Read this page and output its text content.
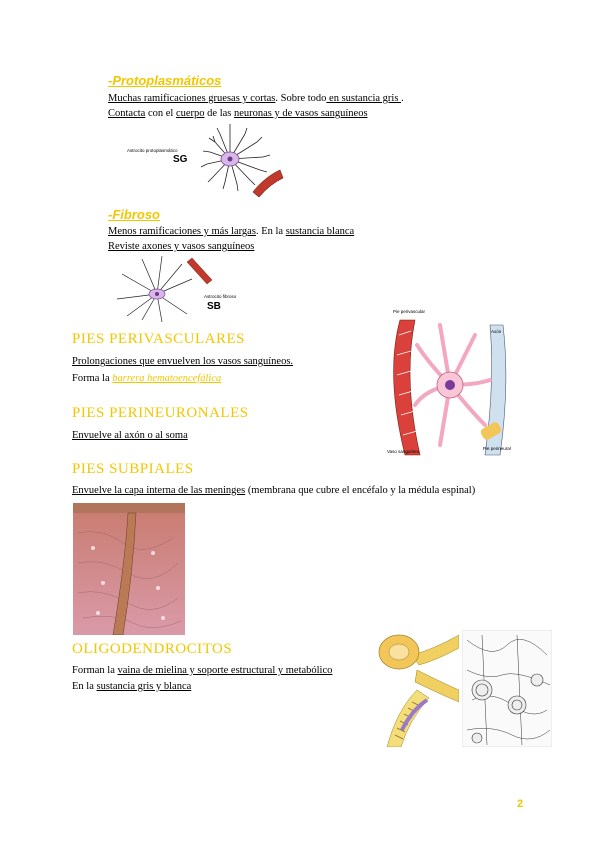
-Protoplasmáticos
Muchas ramificaciones gruesas y cortas. Sobre todo en sustancia gris .
Contacta con el cuerpo de las neuronas y de vasos sanguíneos
Astrocito protoplasmático
SG
-Fibroso
Menos ramificaciones y más largas. En la sustancia blanca
Reviste axones y vasos sanguíneos
Astrocito fibroso
SB
PIES PERIVASCULARES
Prolongaciones que envuelven los vasos sanguíneos.
Forma la barrera hematoencefálica
Pie perivascular
Vaso sanguíneo
Axón
Pie perineural
PIES PERINEURONALES
Envuelve al axón o al soma
PIES SUBPIALES
Envuelve la capa interna de las meninges (membrana que cubre el encéfalo y la médula espinal)
OLIGODENDROCITOS
Forman la vaina de mielina y soporte estructural y metabólico
En la sustancia gris y blanca
2
